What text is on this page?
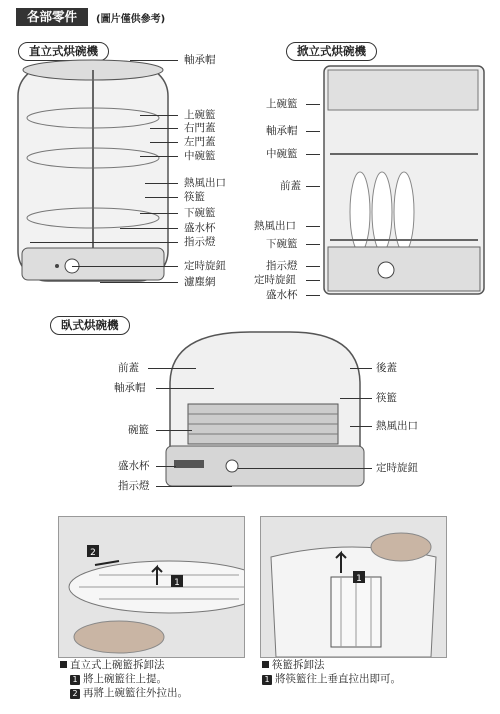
各部零件	(圖片僅供參考)
直立式烘碗機
軸承帽
上碗籃
右門蓋
左門蓋
中碗籃
熱風出口
筷籃
下碗籃
盛水杯
指示燈
定時旋鈕
濾塵網
掀立式烘碗機
上碗籃
軸承帽
中碗籃
前蓋
熱風出口
下碗籃
指示燈
定時旋鈕
盛水杯
臥式烘碗機
前蓋
軸承帽
碗籃
盛水杯
指示燈
後蓋
筷籃
熱風出口
定時旋鈕
2
1	1
直立式上碗籃拆卸法
1 將上碗籃往上提。
2 再將上碗籃往外拉出。
筷籃拆卸法
1 將筷籃往上垂直拉出即可。
